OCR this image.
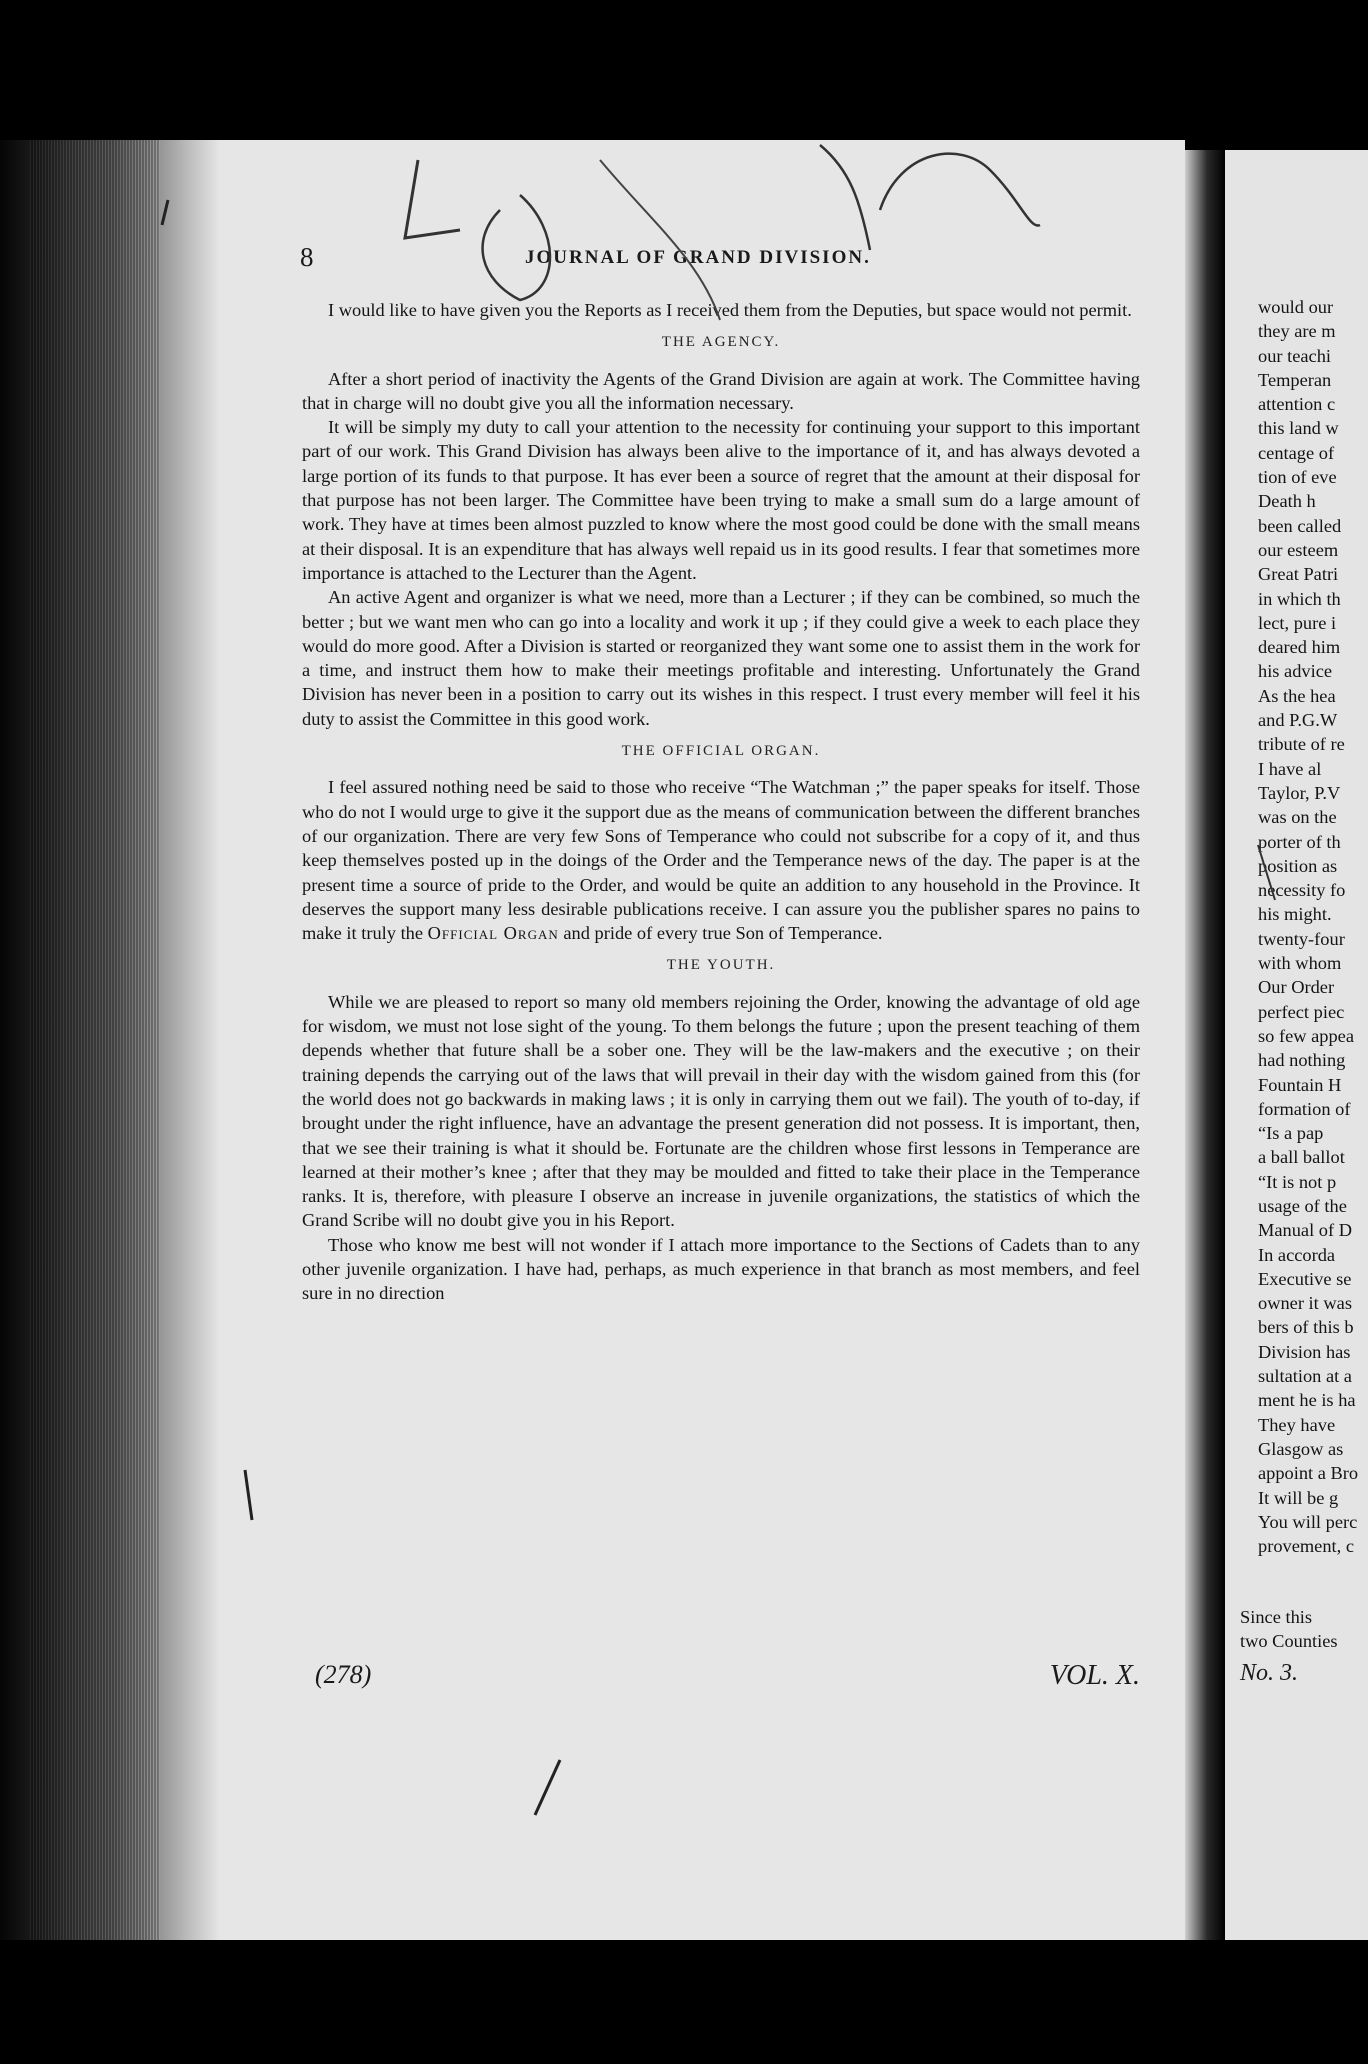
8	JOURNAL OF GRAND DIVISION.

I would like to have given you the Reports as I received them from the Deputies, but space would not permit.

THE AGENCY.

After a short period of inactivity the Agents of the Grand Division are again at work. The Committee having that in charge will no doubt give you all the information necessary.

It will be simply my duty to call your attention to the necessity for continuing your support to this important part of our work. This Grand Division has always been alive to the importance of it, and has always devoted a large portion of its funds to that purpose. It has ever been a source of regret that the amount at their disposal for that purpose has not been larger. The Committee have been trying to make a small sum do a large amount of work. They have at times been almost puzzled to know where the most good could be done with the small means at their disposal. It is an expenditure that has always well repaid us in its good results. I fear that sometimes more importance is attached to the Lecturer than the Agent.

An active Agent and organizer is what we need, more than a Lecturer ; if they can be combined, so much the better ; but we want men who can go into a locality and work it up ; if they could give a week to each place they would do more good. After a Division is started or reorganized they want some one to assist them in the work for a time, and instruct them how to make their meetings profitable and interesting. Unfortunately the Grand Division has never been in a position to carry out its wishes in this respect. I trust every member will feel it his duty to assist the Committee in this good work.

THE OFFICIAL ORGAN.

I feel assured nothing need be said to those who receive “The Watchman ;” the paper speaks for itself. Those who do not I would urge to give it the support due as the means of communication between the different branches of our organization. There are very few Sons of Temperance who could not subscribe for a copy of it, and thus keep themselves posted up in the doings of the Order and the Temperance news of the day. The paper is at the present time a source of pride to the Order, and would be quite an addition to any household in the Province. It deserves the support many less desirable publications receive. I can assure you the publisher spares no pains to make it truly the Official Organ and pride of every true Son of Temperance.

THE YOUTH.

While we are pleased to report so many old members rejoining the Order, knowing the advantage of old age for wisdom, we must not lose sight of the young. To them belongs the future ; upon the present teaching of them depends whether that future shall be a sober one. They will be the law-makers and the executive ; on their training depends the carrying out of the laws that will prevail in their day with the wisdom gained from this (for the world does not go backwards in making laws ; it is only in carrying them out we fail). The youth of to-day, if brought under the right influence, have an advantage the present generation did not possess. It is important, then, that we see their training is what it should be. Fortunate are the children whose first lessons in Temperance are learned at their mother’s knee ; after that they may be moulded and fitted to take their place in the Temperance ranks. It is, therefore, with pleasure I observe an increase in juvenile organizations, the statistics of which the Grand Scribe will no doubt give you in his Report.

Those who know me best will not wonder if I attach more importance to the Sections of Cadets than to any other juvenile organization. I have had, perhaps, as much experience in that branch as most members, and feel sure in no direction

(278)	VOL. X.
would our
they are m
our teachi
Temperan
attention c
this land w
centage of
tion of eve
Death h
been called
our esteem
Great Patri
in which th
lect, pure i
deared him
his advice
As the hea
and P.G.W
tribute of re
I have al
Taylor, P.V
was on the
porter of th
position as
necessity fo
his might.
twenty-four
with whom
Our Order
perfect piec
so few appea
had nothing
Fountain H
formation of
“Is a pap
a ball ballot
“It is not p
usage of the
Manual of D
In accorda
Executive se
owner it was
bers of this b
Division has
sultation at a
ment he is ha
They have
Glasgow as
appoint a Bro
It will be g
You will perc
provement, c
Since this
two Counties
No. 3.
